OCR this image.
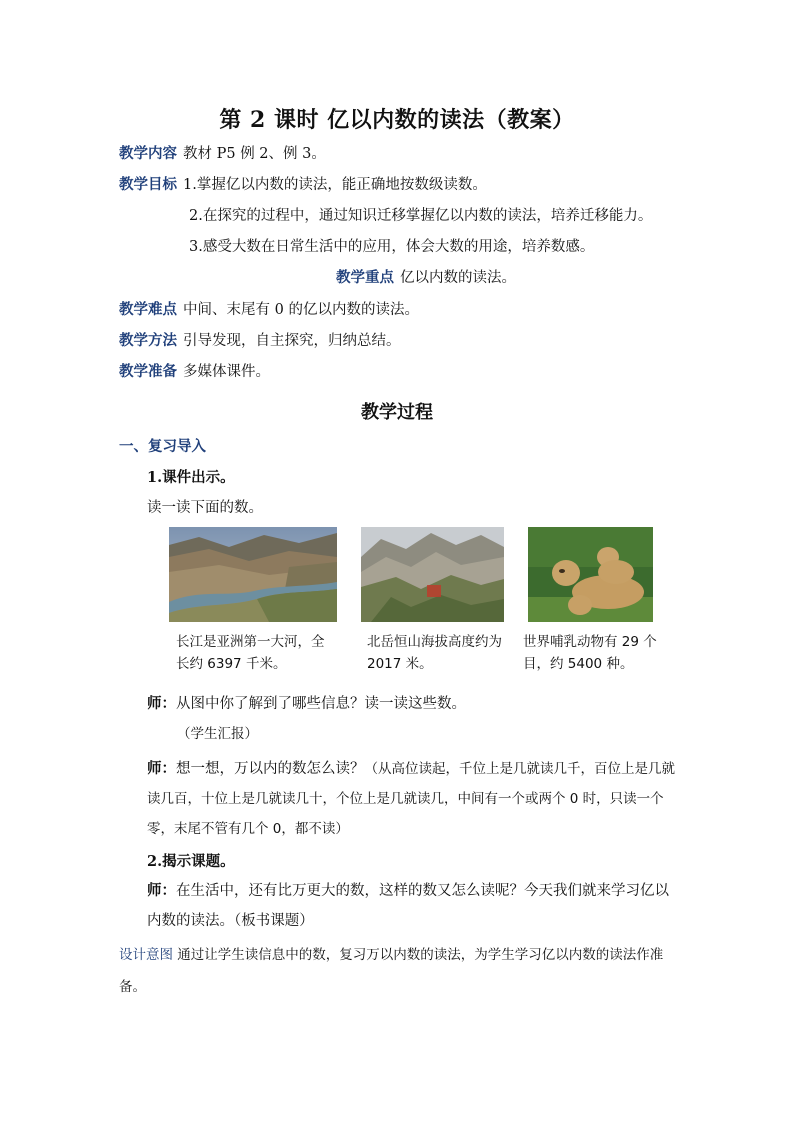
第 2 课时 亿以内数的读法（教案）
教学内容 教材 P5 例 2、例 3。
教学目标 1.掌握亿以内数的读法，能正确地按数级读数。
2.在探究的过程中，通过知识迁移掌握亿以内数的读法，培养迁移能力。
3.感受大数在日常生活中的应用，体会大数的用途，培养数感。
教学重点 亿以内数的读法。
教学难点 中间、末尾有 0 的亿以内数的读法。
教学方法 引导发现，自主探究，归纳总结。
教学准备 多媒体课件。
教学过程
一、复习导入
1.课件出示。
读一读下面的数。
长江是亚洲第一大河，全长约 6397 千米。
北岳恒山海拔高度约为 2017 米。
世界哺乳动物有 29 个目，约 5400 种。
师：从图中你了解到了哪些信息？读一读这些数。
（学生汇报）
师：想一想，万以内的数怎么读？（从高位读起，千位上是几就读几千，百位上是几就读几百，十位上是几就读几十，个位上是几就读几，中间有一个或两个 0 时，只读一个零，末尾不管有几个 0，都不读）
2.揭示课题。
师：在生活中，还有比万更大的数，这样的数又怎么读呢？今天我们就来学习亿以内数的读法。（板书课题）
设计意图 通过让学生读信息中的数，复习万以内数的读法，为学生学习亿以内数的读法作准备。
